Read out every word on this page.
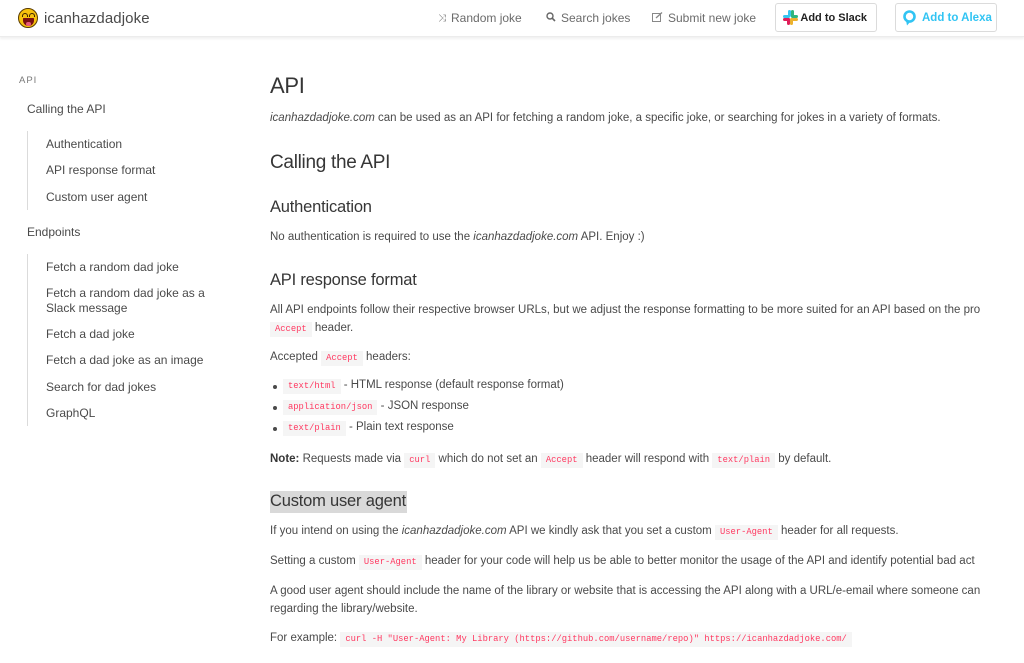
icanhazdadjoke	⤨ Random joke	Search jokes	Submit new joke	Add to Slack	Add to Alexa
API
Calling the API
Authentication
API response format
Custom user agent
Endpoints
Fetch a random dad joke
Fetch a random dad joke as a Slack message
Fetch a dad joke
Fetch a dad joke as an image
Search for dad jokes
GraphQL
API
icanhazdadjoke.com can be used as an API for fetching a random joke, a specific joke, or searching for jokes in a variety of formats.
Calling the API
Authentication
No authentication is required to use the icanhazdadjoke.com API. Enjoy :)
API response format
All API endpoints follow their respective browser URLs, but we adjust the response formatting to be more suited for an API based on the pro
Accept header.
Accepted Accept headers:
text/html - HTML response (default response format)
application/json - JSON response
text/plain - Plain text response
Note: Requests made via curl which do not set an Accept header will respond with text/plain by default.
Custom user agent
If you intend on using the icanhazdadjoke.com API we kindly ask that you set a custom User-Agent header for all requests.
Setting a custom User-Agent header for your code will help us be able to better monitor the usage of the API and identify potential bad act
A good user agent should include the name of the library or website that is accessing the API along with a URL/e-email where someone can
regarding the library/website.
For example: curl -H "User-Agent: My Library (https://github.com/username/repo)" https://icanhazdadjoke.com/
